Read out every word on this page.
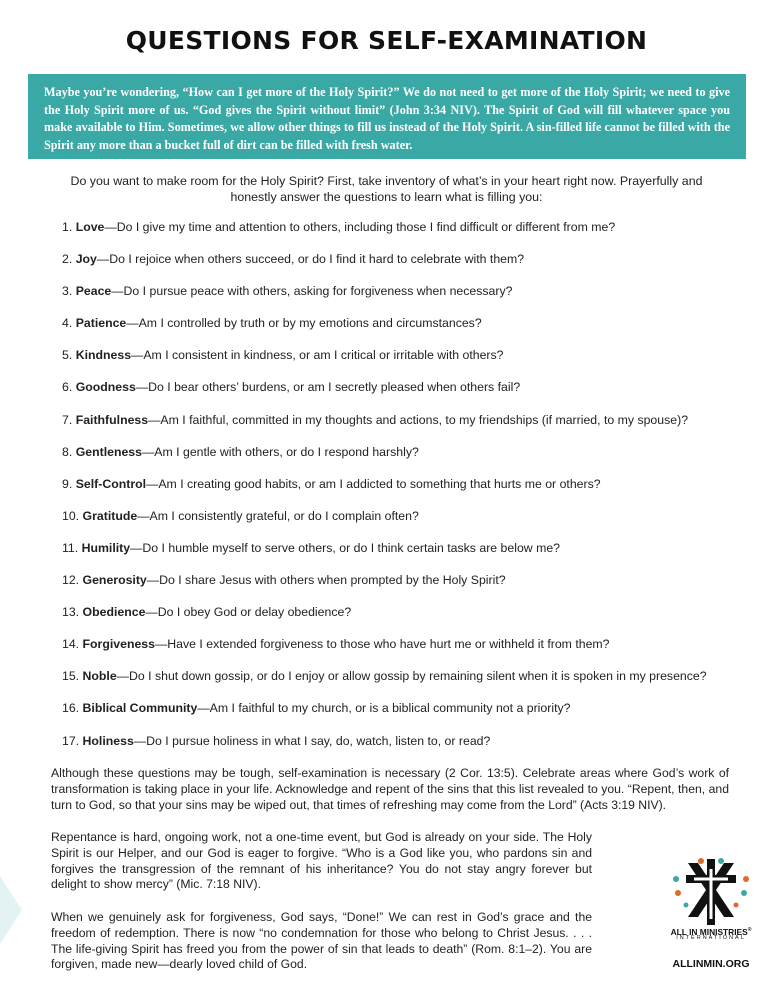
QUESTIONS FOR SELF-EXAMINATION
Maybe you’re wondering, “How can I get more of the Holy Spirit?” We do not need to get more of the Holy Spirit; we need to give the Holy Spirit more of us. “God gives the Spirit without limit” (John 3:34 NIV). The Spirit of God will fill whatever space you make available to Him. Sometimes, we allow other things to fill us instead of the Holy Spirit. A sin-filled life cannot be filled with the Spirit any more than a bucket full of dirt can be filled with fresh water.
Do you want to make room for the Holy Spirit? First, take inventory of what’s in your heart right now. Prayerfully and honestly answer the questions to learn what is filling you:
1. Love—Do I give my time and attention to others, including those I find difficult or different from me?
2. Joy—Do I rejoice when others succeed, or do I find it hard to celebrate with them?
3. Peace—Do I pursue peace with others, asking for forgiveness when necessary?
4. Patience—Am I controlled by truth or by my emotions and circumstances?
5. Kindness—Am I consistent in kindness, or am I critical or irritable with others?
6. Goodness—Do I bear others’ burdens, or am I secretly pleased when others fail?
7. Faithfulness—Am I faithful, committed in my thoughts and actions, to my friendships (if married, to my spouse)?
8. Gentleness—Am I gentle with others, or do I respond harshly?
9. Self-Control—Am I creating good habits, or am I addicted to something that hurts me or others?
10. Gratitude—Am I consistently grateful, or do I complain often?
11. Humility—Do I humble myself to serve others, or do I think certain tasks are below me?
12. Generosity—Do I share Jesus with others when prompted by the Holy Spirit?
13. Obedience—Do I obey God or delay obedience?
14. Forgiveness—Have I extended forgiveness to those who have hurt me or withheld it from them?
15. Noble—Do I shut down gossip, or do I enjoy or allow gossip by remaining silent when it is spoken in my presence?
16. Biblical Community—Am I faithful to my church, or is a biblical community not a priority?
17. Holiness—Do I pursue holiness in what I say, do, watch, listen to, or read?
Although these questions may be tough, self-examination is necessary (2 Cor. 13:5). Celebrate areas where God’s work of transformation is taking place in your life. Acknowledge and repent of the sins that this list revealed to you. “Repent, then, and turn to God, so that your sins may be wiped out, that times of refreshing may come from the Lord” (Acts 3:19 NIV).
Repentance is hard, ongoing work, not a one-time event, but God is already on your side. The Holy Spirit is our Helper, and our God is eager to forgive. “Who is a God like you, who pardons sin and forgives the transgression of the remnant of his inheritance? You do not stay angry forever but delight to show mercy” (Mic. 7:18 NIV).
When we genuinely ask for forgiveness, God says, “Done!” We can rest in God’s grace and the freedom of redemption. There is now “no condemnation for those who belong to Christ Jesus. . . . The life-giving Spirit has freed you from the power of sin that leads to death” (Rom. 8:1–2). You are forgiven, made new—dearly loved child of God.
ALL IN MINISTRIES®
INTERNATIONAL
ALLINMIN.ORG
